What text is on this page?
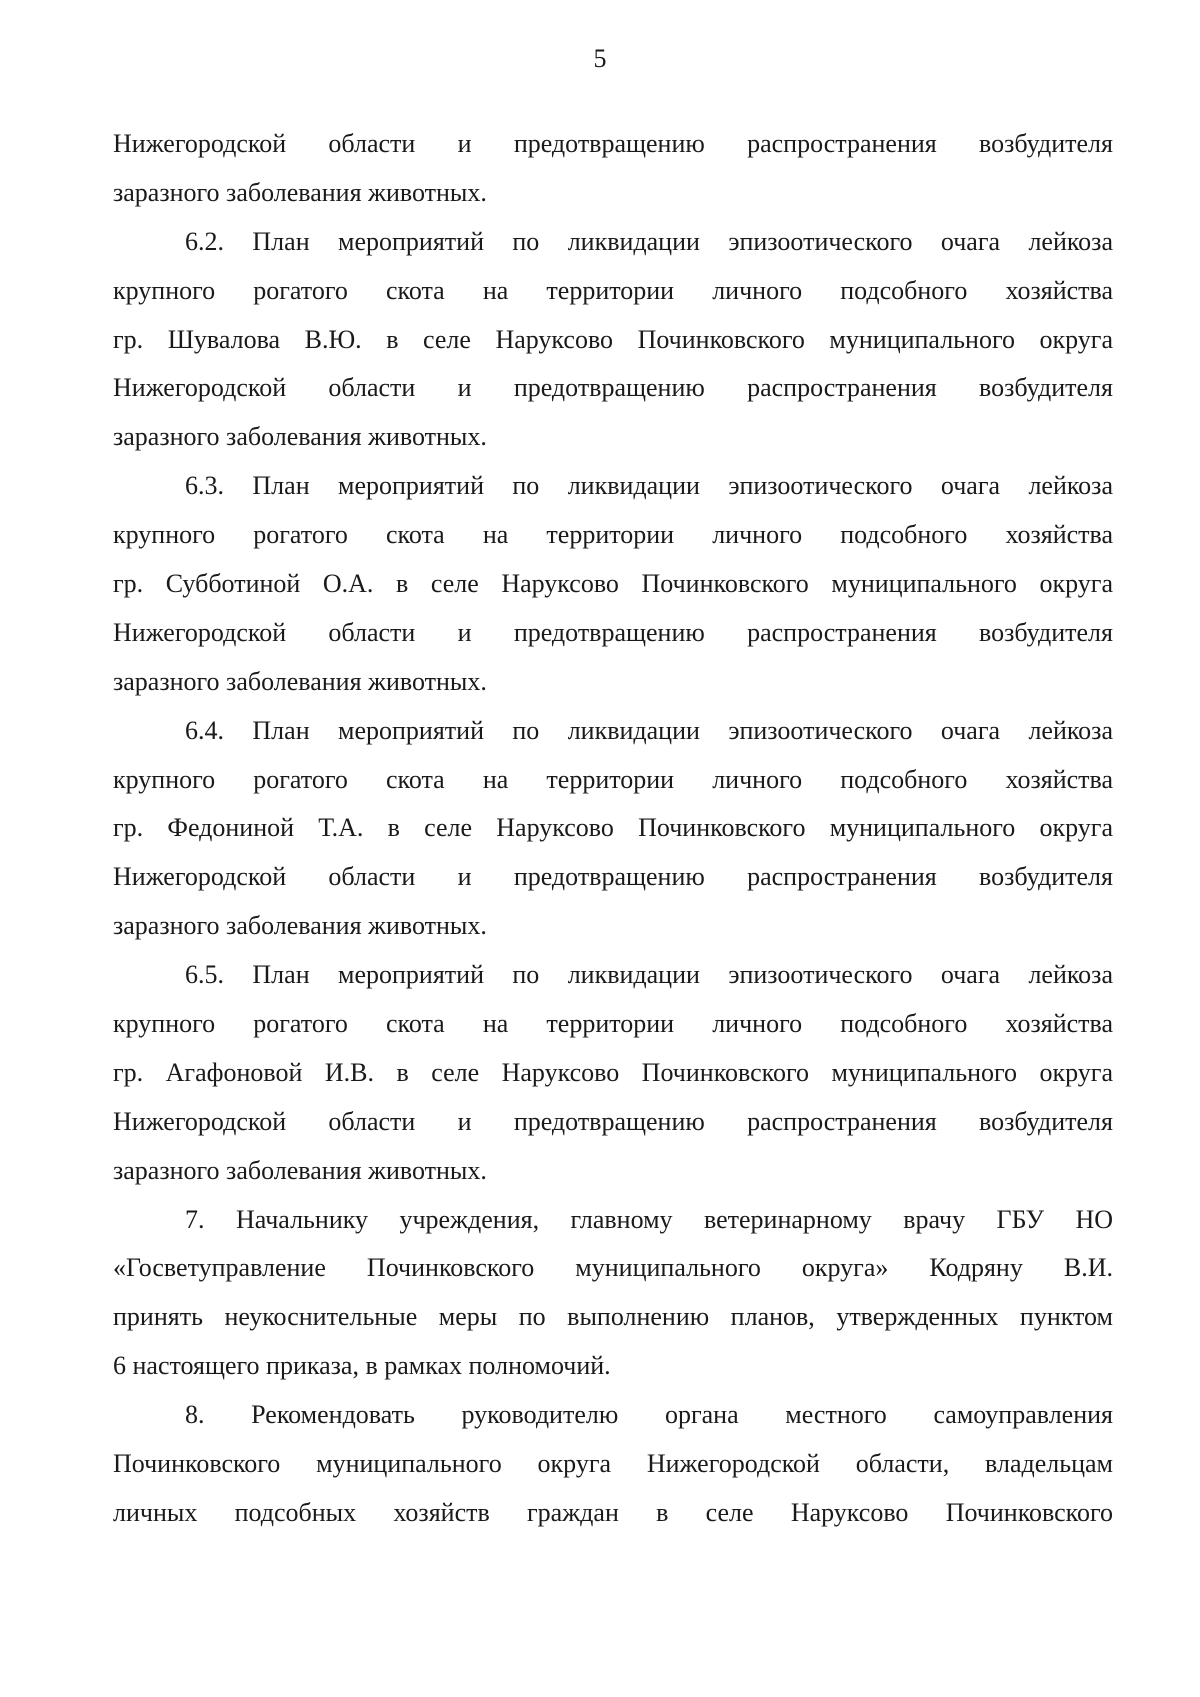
5
Нижегородской области и предотвращению распространения возбудителя
заразного заболевания животных.
6.2. План мероприятий по ликвидации эпизоотического очага лейкоза
крупного рогатого скота на территории личного подсобного хозяйства
гр. Шувалова В.Ю. в селе Наруксово Починковского муниципального округа
Нижегородской области и предотвращению распространения возбудителя
заразного заболевания животных.
6.3. План мероприятий по ликвидации эпизоотического очага лейкоза
крупного рогатого скота на территории личного подсобного хозяйства
гр. Субботиной О.А. в селе Наруксово Починковского муниципального округа
Нижегородской области и предотвращению распространения возбудителя
заразного заболевания животных.
6.4. План мероприятий по ликвидации эпизоотического очага лейкоза
крупного рогатого скота на территории личного подсобного хозяйства
гр. Федониной Т.А. в селе Наруксово Починковского муниципального округа
Нижегородской области и предотвращению распространения возбудителя
заразного заболевания животных.
6.5. План мероприятий по ликвидации эпизоотического очага лейкоза
крупного рогатого скота на территории личного подсобного хозяйства
гр. Агафоновой И.В. в селе Наруксово Починковского муниципального округа
Нижегородской области и предотвращению распространения возбудителя
заразного заболевания животных.
7. Начальнику учреждения, главному ветеринарному врачу ГБУ НО
«Госветуправление Починковского муниципального округа» Кодряну В.И.
принять неукоснительные меры по выполнению планов, утвержденных пунктом
6 настоящего приказа, в рамках полномочий.
8. Рекомендовать руководителю органа местного самоуправления
Починковского муниципального округа Нижегородской области, владельцам
личных подсобных хозяйств граждан в селе Наруксово Починковского
